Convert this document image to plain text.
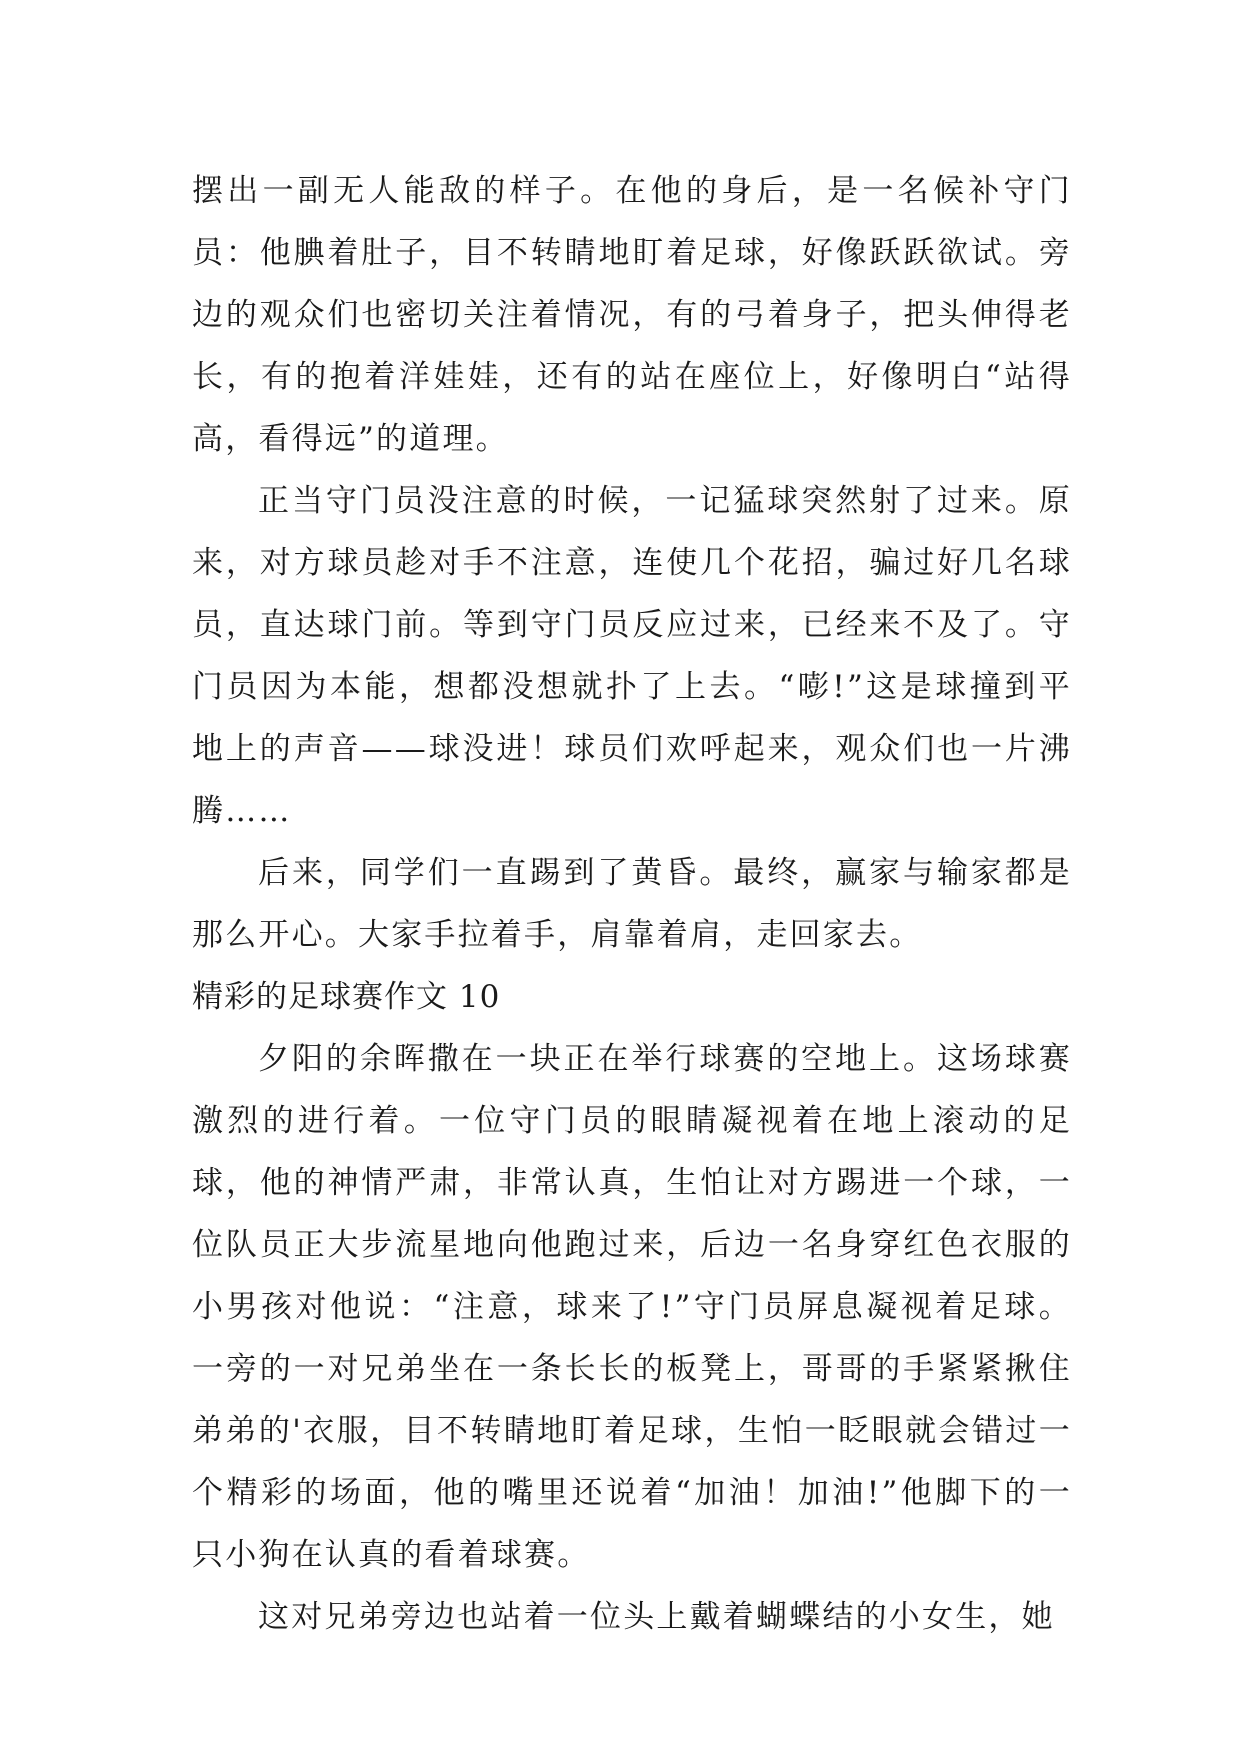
摆出一副无人能敌的样子。在他的身后，是一名候补守门员：他腆着肚子，目不转睛地盯着足球，好像跃跃欲试。旁边的观众们也密切关注着情况，有的弓着身子，把头伸得老长，有的抱着洋娃娃，还有的站在座位上，好像明白“站得高，看得远”的道理。

正当守门员没注意的时候，一记猛球突然射了过来。原来，对方球员趁对手不注意，连使几个花招，骗过好几名球员，直达球门前。等到守门员反应过来，已经来不及了。守门员因为本能，想都没想就扑了上去。“嘭!”这是球撞到平地上的声音——球没进！球员们欢呼起来，观众们也一片沸腾……

后来，同学们一直踢到了黄昏。最终，赢家与输家都是那么开心。大家手拉着手，肩靠着肩，走回家去。

精彩的足球赛作文 10

夕阳的余晖撒在一块正在举行球赛的空地上。这场球赛激烈的进行着。一位守门员的眼睛凝视着在地上滚动的足球，他的神情严肃，非常认真，生怕让对方踢进一个球，一位队员正大步流星地向他跑过来，后边一名身穿红色衣服的小男孩对他说：“注意，球来了!”守门员屏息凝视着足球。一旁的一对兄弟坐在一条长长的板凳上，哥哥的手紧紧揪住弟弟的'衣服，目不转睛地盯着足球，生怕一眨眼就会错过一个精彩的场面，他的嘴里还说着“加油！加油!”他脚下的一只小狗在认真的看着球赛。

这对兄弟旁边也站着一位头上戴着蝴蝶结的小女生，她
